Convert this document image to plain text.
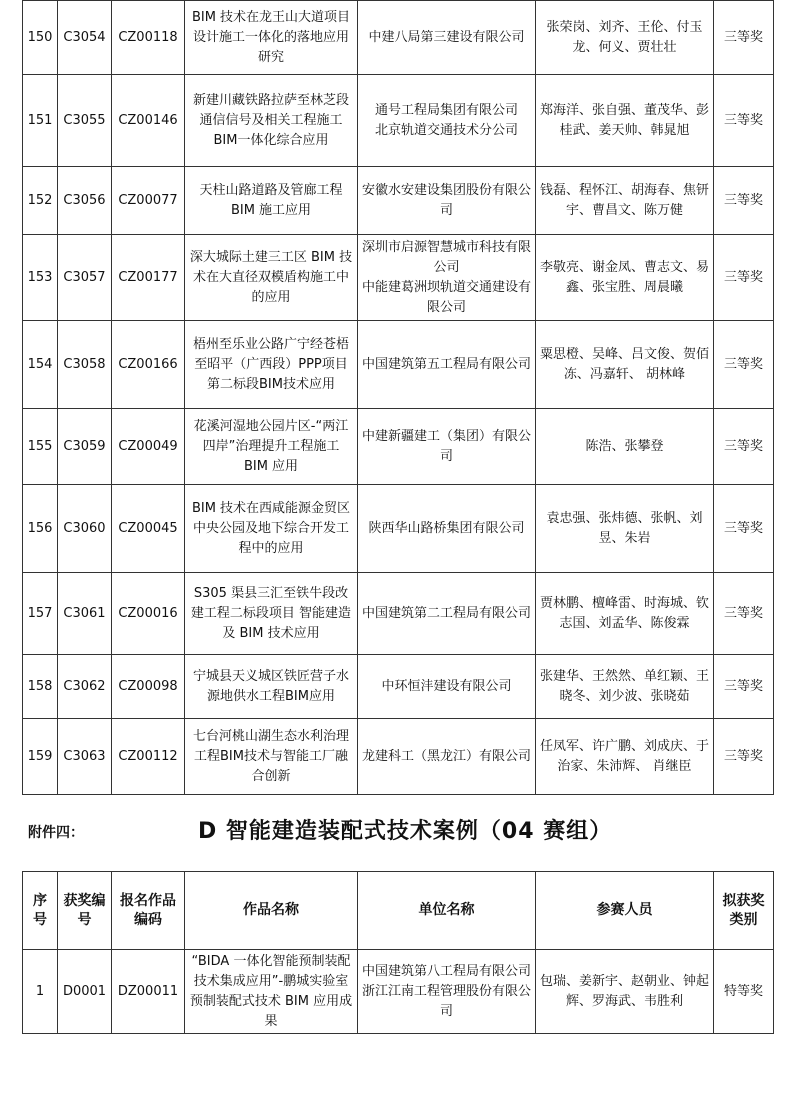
150	C3054	CZ00118	BIM 技术在龙王山大道项目设计施工一体化的落地应用研究	中建八局第三建设有限公司	张荣岗、刘齐、王伦、付玉龙、何义、贾壮壮	三等奖
151	C3055	CZ00146	新建川藏铁路拉萨至林芝段通信信号及相关工程施工BIM一体化综合应用	通号工程局集团有限公司
北京轨道交通技术分公司	郑海洋、张自强、董茂华、彭桂武、姜天帅、韩晁旭	三等奖
152	C3056	CZ00077	天柱山路道路及管廊工程 BIM 施工应用	安徽水安建设集团股份有限公司	钱磊、程怀江、胡海春、焦钘宇、曹昌文、陈万健	三等奖
153	C3057	CZ00177	深大城际土建三工区 BIM 技术在大直径双模盾构施工中的应用	深圳市启源智慧城市科技有限公司
中能建葛洲坝轨道交通建设有限公司	李敬亮、谢金凤、曹志文、易鑫、张宝胜、周晨曦	三等奖
154	C3058	CZ00166	梧州至乐业公路广宁经苍梧至昭平（广西段）PPP项目第二标段BIM技术应用	中国建筑第五工程局有限公司	粟思橙、吴峰、吕文俊、贺佰冻、冯嘉轩、 胡林峰	三等奖
155	C3059	CZ00049	花溪河湿地公园片区-“两江四岸”治理提升工程施工 BIM 应用	中建新疆建工（集团）有限公司	陈浩、张攀登	三等奖
156	C3060	CZ00045	BIM 技术在西咸能源金贸区中央公园及地下综合开发工程中的应用	陕西华山路桥集团有限公司	袁忠强、张炜德、张帆、刘昱、朱岩	三等奖
157	C3061	CZ00016	S305 渠县三汇至铁牛段改建工程二标段项目 智能建造及 BIM 技术应用	中国建筑第二工程局有限公司	贾林鹏、檀峰雷、时海城、钦志国、刘孟华、陈俊霖	三等奖
158	C3062	CZ00098	宁城县天义城区铁匠营子水源地供水工程BIM应用	中环恒沣建设有限公司	张建华、王然然、单红颖、王晓冬、刘少波、张晓茹	三等奖
159	C3063	CZ00112	七台河桃山湖生态水利治理工程BIM技术与智能工厂融合创新	龙建科工（黑龙江）有限公司	任凤军、许广鹏、刘成庆、于治家、朱沛辉、 肖继臣	三等奖
附件四：	D 智能建造装配式技术案例（04 赛组）
序号	获奖编号	报名作品编码	作品名称	单位名称	参赛人员	拟获奖类别
1	D0001	DZ00011	“BIDA 一体化智能预制装配技术集成应用”-鹏城实验室预制装配式技术 BIM 应用成果	中国建筑第八工程局有限公司
浙江江南工程管理股份有限公司	包瑞、姜新宇、赵朝业、钟起辉、罗海武、韦胜利	特等奖
